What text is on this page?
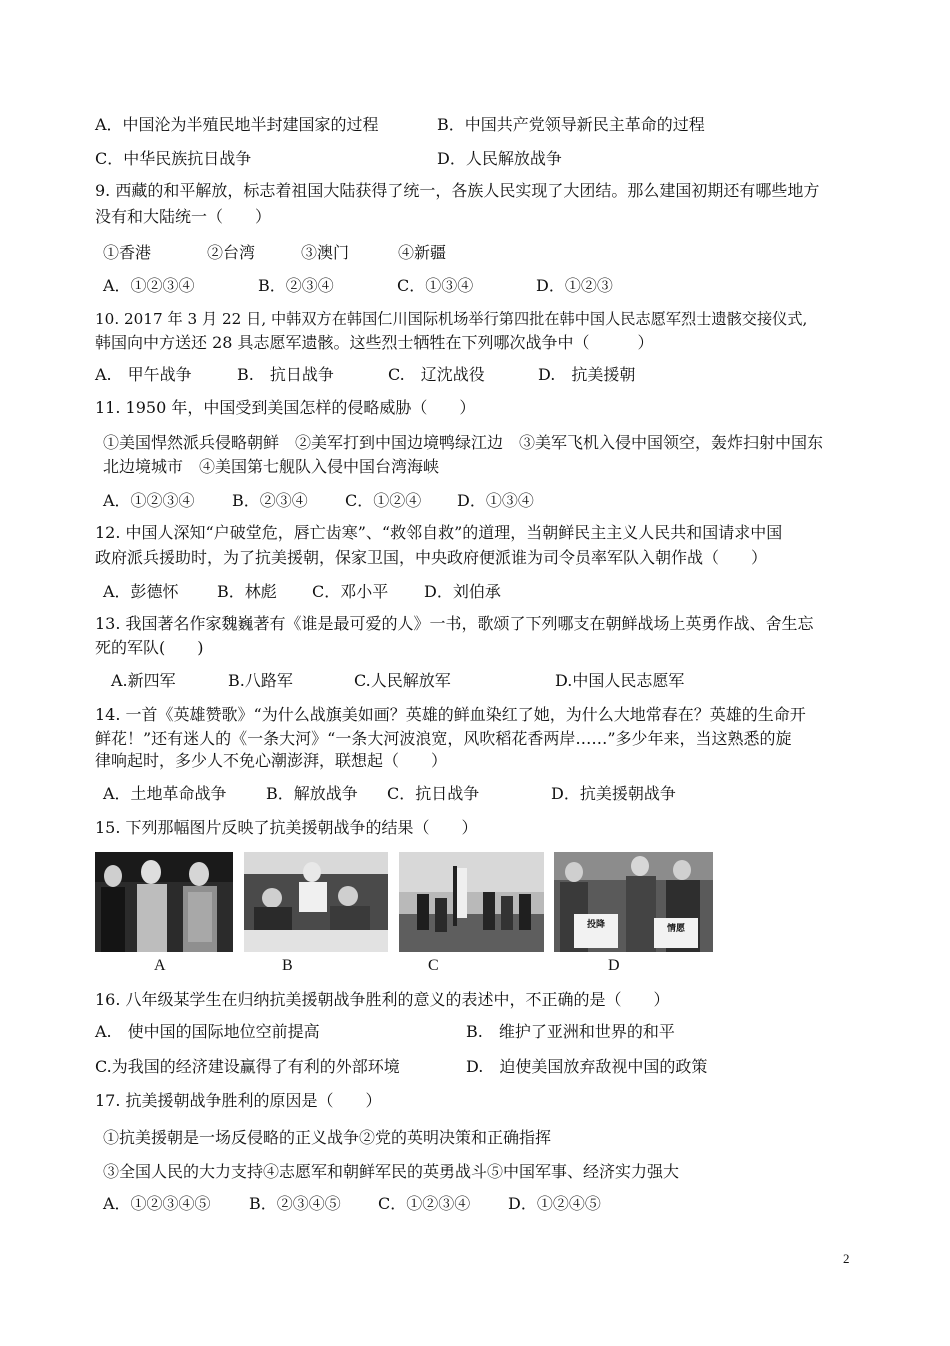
A．中国沦为半殖民地半封建国家的过程	B．中国共产党领导新民主革命的过程
C．中华民族抗日战争	D．人民解放战争
9. 西藏的和平解放，标志着祖国大陆获得了统一，各族人民实现了大团结。那么建国初期还有哪些地方
没有和大陆统一（　　）
①香港	②台湾	③澳门	④新疆
A．①②③④	B．②③④	C．①③④	D．①②③
10. 2017 年 3 月 22 日, 中韩双方在韩国仁川国际机场举行第四批在韩中国人民志愿军烈士遗骸交接仪式,
韩国向中方送还 28 具志愿军遗骸。这些烈士牺牲在下列哪次战争中（　　　）
A.　甲午战争	B.　抗日战争	C.　辽沈战役	D.　抗美援朝
11. 1950 年，中国受到美国怎样的侵略威胁（　　）
①美国悍然派兵侵略朝鲜　②美军打到中国边境鸭绿江边　③美军飞机入侵中国领空，轰炸扫射中国东
北边境城市　④美国第七舰队入侵中国台湾海峡
A．①②③④ B．②③④ C．①②④ D．①③④
12. 中国人深知“户破堂危，唇亡齿寒”、“救邻自救”的道理，当朝鲜民主主义人民共和国请求中国
政府派兵援助时，为了抗美援朝，保家卫国，中央政府便派谁为司令员率军队入朝作战（　　）
A．彭德怀 B．林彪 C．邓小平 D．刘伯承
13. 我国著名作家魏巍著有《谁是最可爱的人》一书，歌颂了下列哪支在朝鲜战场上英勇作战、舍生忘
死的军队(　　)
A.新四军	B.八路军	C.人民解放军	D.中国人民志愿军
14. 一首《英雄赞歌》“为什么战旗美如画？英雄的鲜血染红了她，为什么大地常春在？英雄的生命开
鲜花！”还有迷人的《一条大河》“一条大河波浪宽，风吹稻花香两岸……”多少年来，当这熟悉的旋
律响起时，多少人不免心潮澎湃，联想起（　　）
A．土地革命战争 B．解放战争 C．抗日战争	D．抗美援朝战争
15. 下列那幅图片反映了抗美援朝战争的结果（　　）
投降	情愿
A	B	C	D
16. 八年级某学生在归纳抗美援朝战争胜利的意义的表述中，不正确的是（　　）
A.　使中国的国际地位空前提高	B.　维护了亚洲和世界的和平
C.为我国的经济建设赢得了有利的外部环境	D.　迫使美国放弃敌视中国的政策
17. 抗美援朝战争胜利的原因是（　　）
①抗美援朝是一场反侵略的正义战争②党的英明决策和正确指挥
③全国人民的大力支持④志愿军和朝鲜军民的英勇战斗⑤中国军事、经济实力强大
A．①②③④⑤ B．②③④⑤ C．①②③④ D．①②④⑤
2
